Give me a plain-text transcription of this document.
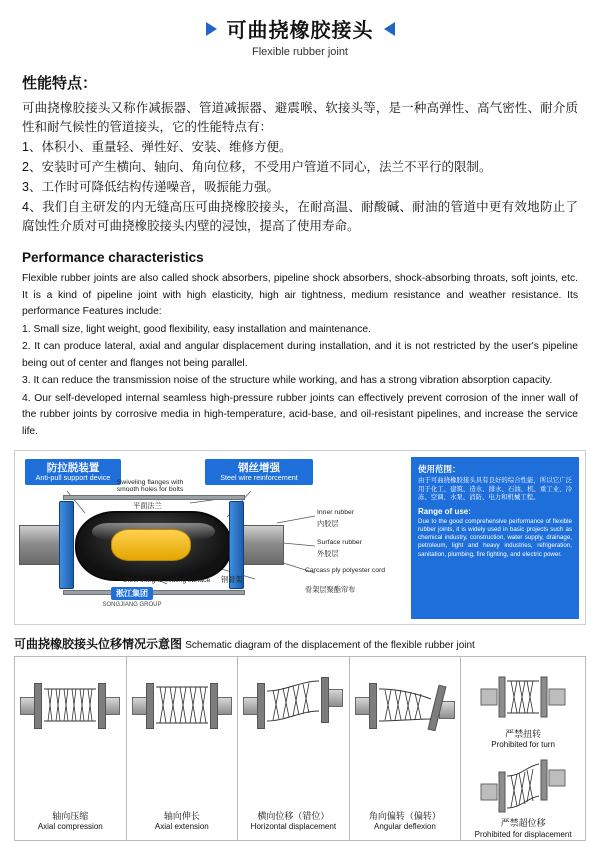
可曲挠橡胶接头
Flexible rubber joint
性能特点：

可曲挠橡胶接头又称作减振器、管道减振器、避震喉、软接头等，是一种高弹性、高气密性、耐介质性和耐气候性的管道接头，它的性能特点有：

1、体积小、重量轻、弹性好、安装、维修方便。

2、安装时可产生横向、轴向、角向位移，不受用户管道不同心，法兰不平行的限制。

3、工作时可降低结构传递噪音，吸振能力强。

4、我们自主研发的内无缝高压可曲挠橡胶接头，在耐高温、耐酸碱、耐油的管道中更有效地防止了腐蚀性介质对可曲挠橡胶接头内壁的浸蚀，提高了使用寿命。

Performance characteristics

Flexible rubber joints are also called shock absorbers, pipeline shock absorbers, shock-absorbing throats, soft joints, etc. It is a kind of pipeline joint with high elasticity, high air tightness, medium resistance and weather resistance. Its performance Features include:

1. Small size, light weight, good flexibility, easy installation and maintenance.

2. It can produce lateral, axial and angular displacement during installation, and it is not restricted by the user's pipeline being out of center and flanges not being parallel.

3. It can reduce the transmission noise of the structure while working, and has a strong vibration absorption capacity.

4. Our self-developed internal seamless high-pressure rubber joints can effectively prevent corrosion of the inner wall of the rubber joints by corrosive media in high-temperature, acid-base, and oil-resistant pipelines, and increase the service life.

防拉脱装置
Anti-pull support device
钢丝增强
Steel wire reinforcement
淞江集团
SONGJIANG GROUP
Swiveling flanges with smooth holes for bolts
平面法兰
Steel integral sealing surface 钢骨架
Inner rubber
内胶层
Surface rubber
外胶层
Carcass ply polyester cord
骨架层聚酯帘布
使用范围：
由于可曲挠橡胶接头具有良好的综合性能，所以它广泛用于化工、建筑、造水、排水、石油、机、重工业、冷冻、空调、水泵、消防、电力和机械工程。
Range of use:
Due to the good comprehensive performance of flexible rubber joints, it is widely used in basic projects such as chemical industry, construction, water supply, drainage, petroleum, light and heavy industries, refrigeration, sanitation, plumbing, fire fighting, and electric power.
可曲挠橡胶接头位移情况示意图 Schematic diagram of the displacement of the flexible rubber joint
轴向压缩
Axial compression
轴向伸长
Axial extension
横向位移（错位）
Horizontal displacement
角向偏转（偏转）
Angular deflexion
严禁扭转
Prohibited for turn
严禁超位移
Prohibited for displacement
